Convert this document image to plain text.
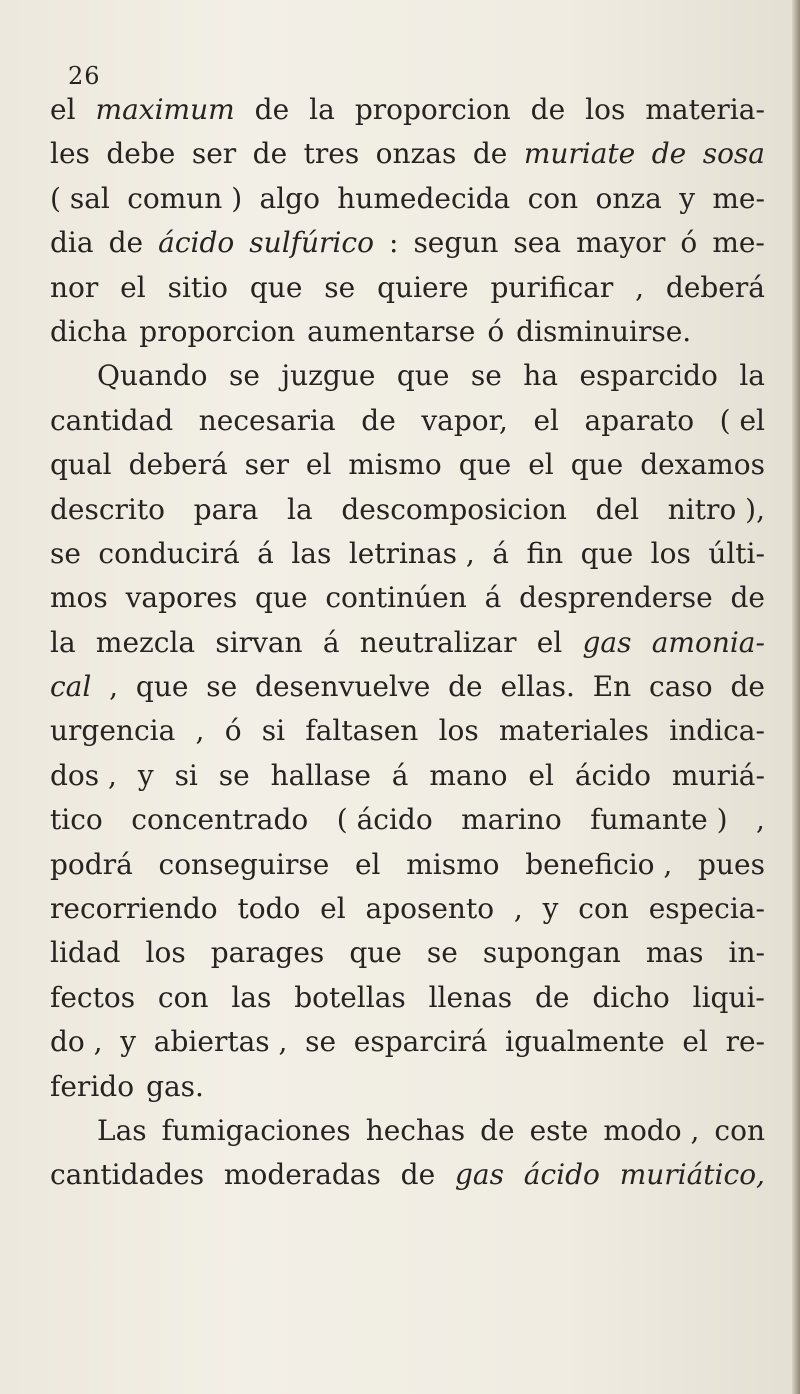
26
el maximum de la proporcion de los materia-
les debe ser de tres onzas de muriate de sosa
( sal comun ) algo humedecida con onza y me-
dia de ácido sulfúrico : segun sea mayor ó me-
nor el sitio que se quiere purificar , deberá
dicha proporcion aumentarse ó disminuirse.
Quando se juzgue que se ha esparcido la
cantidad necesaria de vapor, el aparato ( el
qual deberá ser el mismo que el que dexamos
descrito para la descomposicion del nitro ),
se conducirá á las letrinas , á fin que los últi-
mos vapores que continúen á desprenderse de
la mezcla sirvan á neutralizar el gas amonia-
cal , que se desenvuelve de ellas. En caso de
urgencia , ó si faltasen los materiales indica-
dos , y si se hallase á mano el ácido muriá-
tico concentrado ( ácido marino fumante ) ,
podrá conseguirse el mismo beneficio , pues
recorriendo todo el aposento , y con especia-
lidad los parages que se supongan mas in-
fectos con las botellas llenas de dicho liqui-
do , y abiertas , se esparcirá igualmente el re-
ferido gas.
Las fumigaciones hechas de este modo , con
cantidades moderadas de gas ácido muriático,
